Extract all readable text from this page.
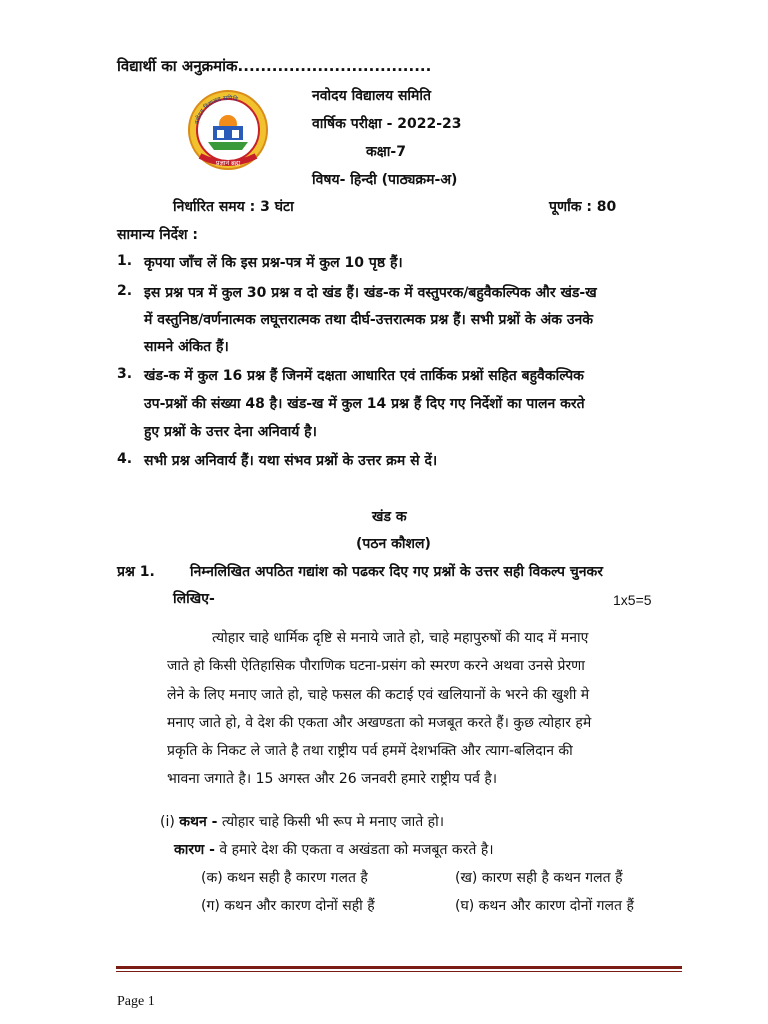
विद्यार्थी का अनुक्रमांक..................................
नवोदय विद्यालय समिति
प्रज्ञानं ब्रह्म
नवोदय विद्यालय समिति
वार्षिक परीक्षा - 2022-23
कक्षा-7
विषय- हिन्दी (पाठ्यक्रम-अ)
निर्धारित समय : 3 घंटा	पूर्णांक : 80
सामान्य निर्देश :
1. कृपया जाँच लें कि इस प्रश्न-पत्र में कुल 10 पृष्ठ हैं।
2. इस प्रश्न पत्र में कुल 30 प्रश्न व दो खंड हैं। खंड-क में वस्तुपरक/बहुवैकल्पिक और खंड-ख
में वस्तुनिष्ठ/वर्णनात्मक लघूत्तरात्मक तथा दीर्घ-उत्तरात्मक प्रश्न हैं। सभी प्रश्नों के अंक उनके
सामने अंकित हैं।
3. खंड-क में कुल 16 प्रश्न हैं जिनमें दक्षता आधारित एवं तार्किक प्रश्नों सहित बहुवैकल्पिक
उप-प्रश्नों की संख्या 48 है। खंड-ख में कुल 14 प्रश्न हैं दिए गए निर्देशों का पालन करते
हुए प्रश्नों के उत्तर देना अनिवार्य है।
4. सभी प्रश्न अनिवार्य हैं। यथा संभव प्रश्नों के उत्तर क्रम से दें।
खंड क
(पठन कौशल)
प्रश्न 1.	निम्नलिखित अपठित गद्यांश को पढकर दिए गए प्रश्नों के उत्तर सही विकल्प चुनकर
लिखिए-	1x5=5
त्योहार चाहे धार्मिक दृष्टि से मनाये जाते हो, चाहे महापुरुषों की याद में मनाए
जाते हो किसी ऐतिहासिक पौराणिक घटना-प्रसंग को स्मरण करने अथवा उनसे प्रेरणा
लेने के लिए मनाए जाते हो, चाहे फसल की कटाई एवं खलियानों के भरने की खुशी मे
मनाए जाते हो, वे देश की एकता और अखण्डता को मजबूत करते हैं। कुछ त्योहार हमे
प्रकृति के निकट ले जाते है तथा राष्ट्रीय पर्व हममें देशभक्ति और त्याग-बलिदान की
भावना जगाते है। 15 अगस्त और 26 जनवरी हमारे राष्ट्रीय पर्व है।
(i) कथन - त्योहार चाहे किसी भी रूप मे मनाए जाते हो।
कारण - वे हमारे देश की एकता व अखंडता को मजबूत करते है।
(क) कथन सही है कारण गलत है	(ख) कारण सही है कथन गलत हैं
(ग) कथन और कारण दोनों सही हैं	(घ) कथन और कारण दोनों गलत हैं
Page 1
